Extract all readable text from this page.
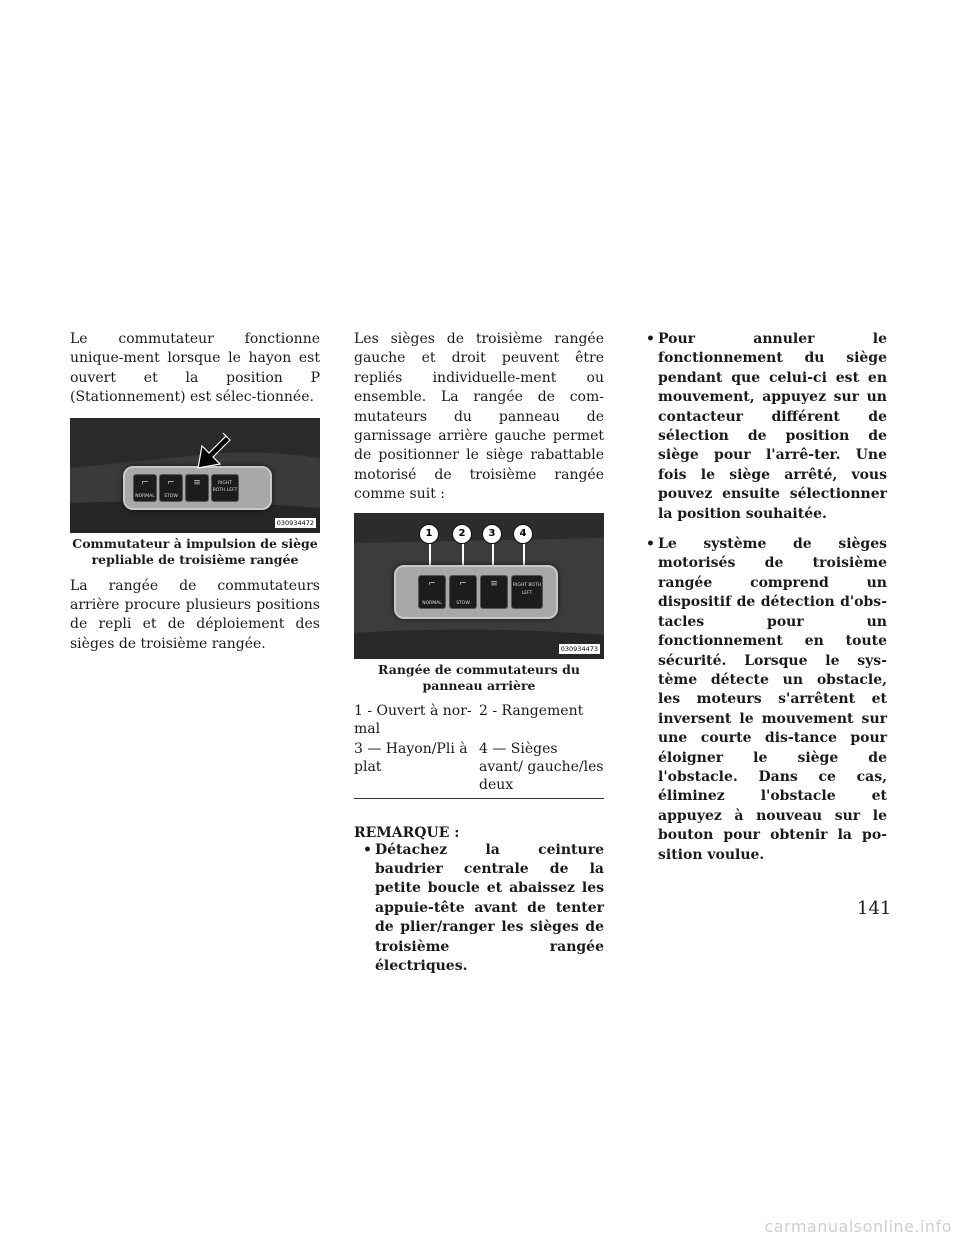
Le commutateur fonctionne unique-ment lorsque le hayon est ouvert et la position P (Stationnement) est sélec-tionnée.

⌐
NORMAL
⌐
STOW
≡	RIGHT BOTH LEFT
030934472
Commutateur à impulsion de siège repliable de troisième rangée

La rangée de commutateurs arrière procure plusieurs positions de repli et de déploiement des sièges de troisième rangée.

Les sièges de troisième rangée gauche et droit peuvent être repliés individuelle-ment ou ensemble. La rangée de com-mutateurs du panneau de garnissage arrière gauche permet de positionner le siège rabattable motorisé de troisième rangée comme suit :

1	2	3	4
⌐
NORMAL
⌐
STOW
≡	RIGHT BOTH LEFT
030934473
Rangée de commutateurs du panneau arrière
1 - Ouvert à nor-mal	2 - Rangement
3 — Hayon/Pli à plat	4 — Sièges avant/ gauche/les deux
REMARQUE :
• Détachez la ceinture baudrier centrale de la petite boucle et abaissez les appuie-tête avant de tenter de plier/ranger les sièges de troisième rangée électriques.
• Pour annuler le fonctionnement du siège pendant que celui-ci est en mouvement, appuyez sur un contacteur différent de sélection de position de siège pour l'arrê-ter. Une fois le siège arrêté, vous pouvez ensuite sélectionner la position souhaitée.
• Le système de sièges motorisés de troisième rangée comprend un dispositif de détection d'obs-tacles pour un fonctionnement en toute sécurité. Lorsque le sys-tème détecte un obstacle, les moteurs s'arrêtent et inversent le mouvement sur une courte dis-tance pour éloigner le siège de l'obstacle. Dans ce cas, éliminez l'obstacle et appuyez à nouveau sur le bouton pour obtenir la po-sition voulue.
141
carmanualsonline.info
